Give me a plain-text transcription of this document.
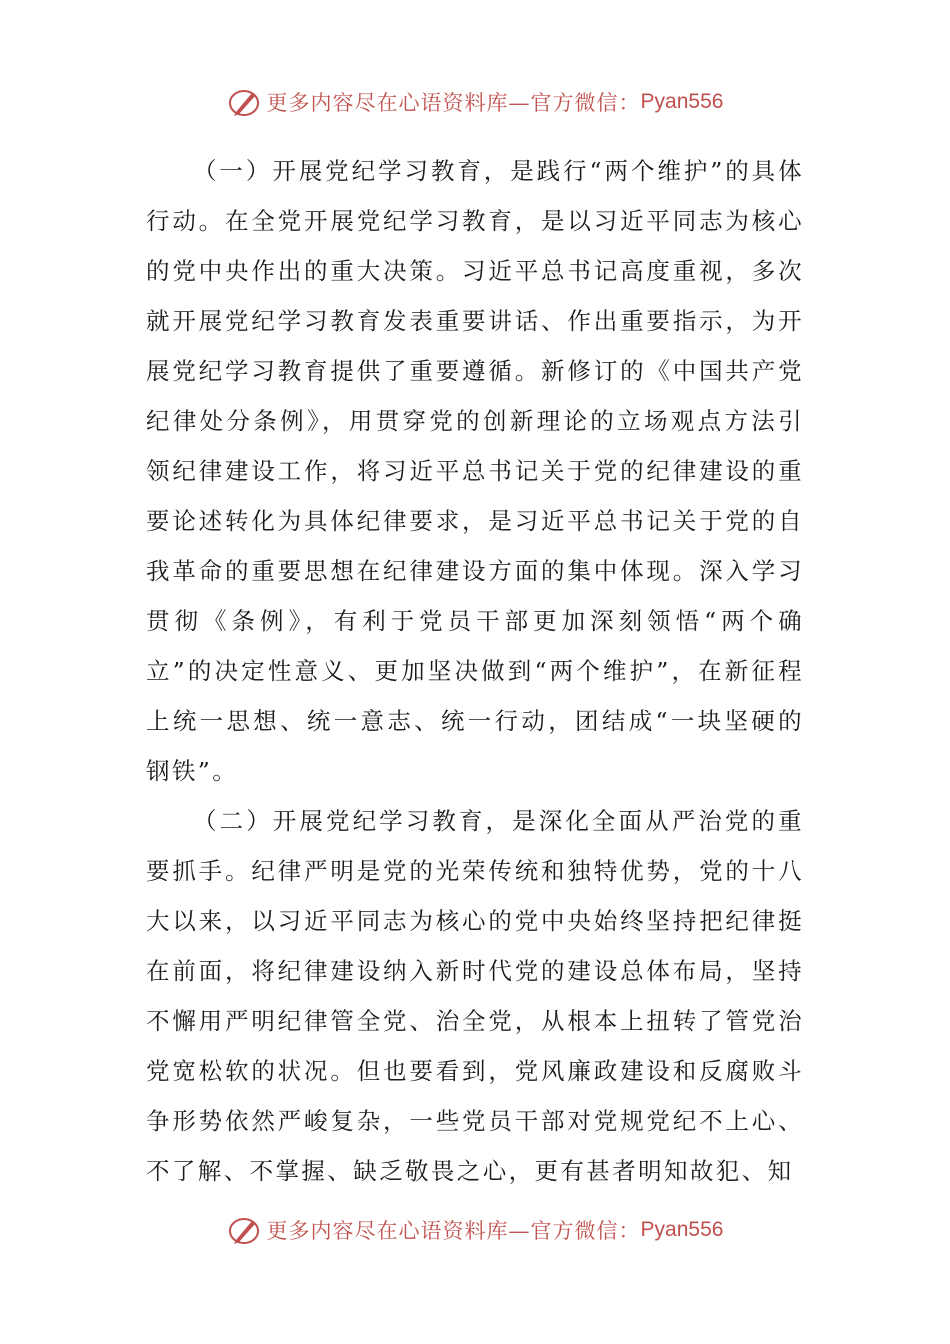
更多内容尽在心语资料库—官方微信： Pyan556

（一）开展党纪学习教育，是践行“两个维护”的具体行动。在全党开展党纪学习教育，是以习近平同志为核心的党中央作出的重大决策。习近平总书记高度重视，多次就开展党纪学习教育发表重要讲话、作出重要指示，为开展党纪学习教育提供了重要遵循。新修订的《中国共产党纪律处分条例》，用贯穿党的创新理论的立场观点方法引领纪律建设工作，将习近平总书记关于党的纪律建设的重要论述转化为具体纪律要求，是习近平总书记关于党的自我革命的重要思想在纪律建设方面的集中体现。深入学习贯彻《条例》，有利于党员干部更加深刻领悟“两个确立”的决定性意义、更加坚决做到“两个维护”，在新征程上统一思想、统一意志、统一行动，团结成“一块坚硬的钢铁”。

（二）开展党纪学习教育，是深化全面从严治党的重要抓手。纪律严明是党的光荣传统和独特优势，党的十八大以来，以习近平同志为核心的党中央始终坚持把纪律挺在前面，将纪律建设纳入新时代党的建设总体布局，坚持不懈用严明纪律管全党、治全党，从根本上扭转了管党治党宽松软的状况。但也要看到，党风廉政建设和反腐败斗争形势依然严峻复杂，一些党员干部对党规党纪不上心、不了解、不掌握、缺乏敬畏之心，更有甚者明知故犯、知

更多内容尽在心语资料库—官方微信： Pyan556
